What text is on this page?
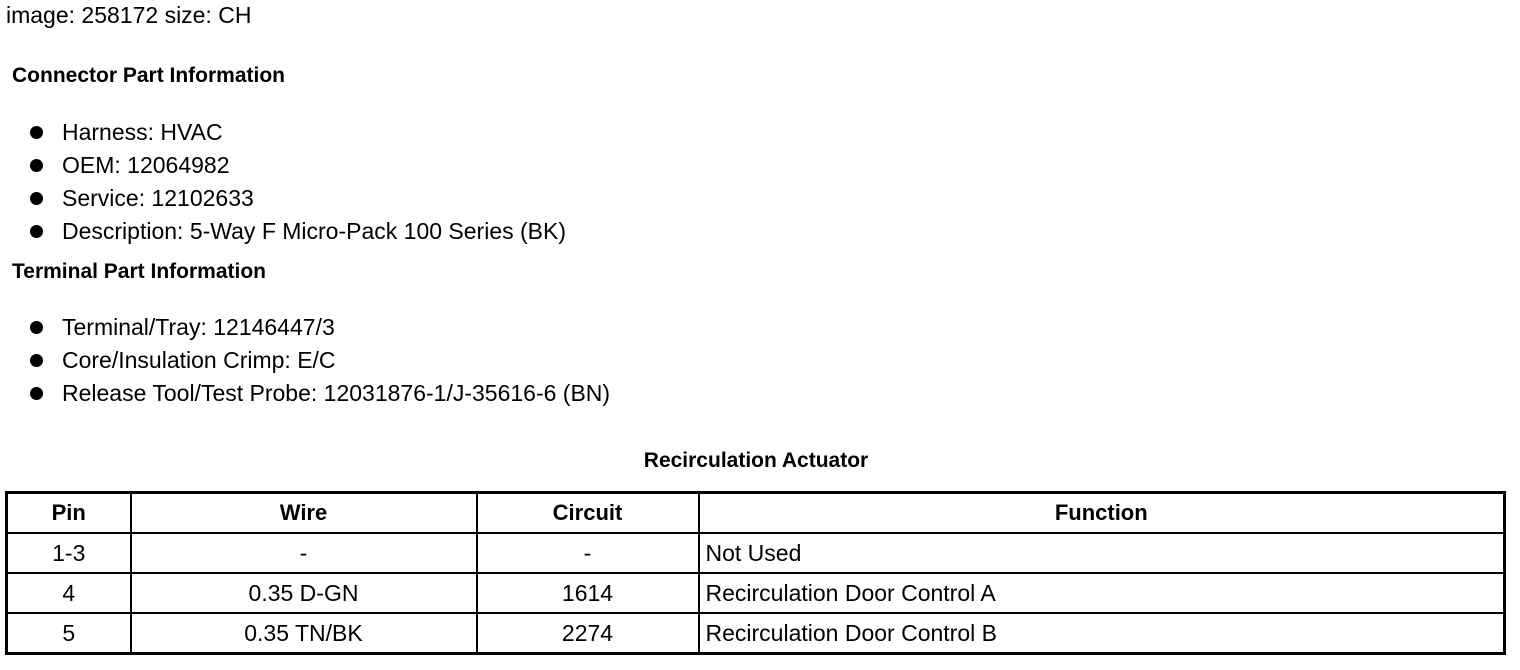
image: 258172 size: CH
Connector Part Information
Harness: HVAC
OEM: 12064982
Service: 12102633
Description: 5-Way F Micro-Pack 100 Series (BK)
Terminal Part Information
Terminal/Tray: 12146447/3
Core/Insulation Crimp: E/C
Release Tool/Test Probe: 12031876-1/J-35616-6 (BN)
Recirculation Actuator
Pin	Wire	Circuit	Function
1-3	-	-	Not Used
4	0.35 D-GN	1614	Recirculation Door Control A
5	0.35 TN/BK	2274	Recirculation Door Control B
